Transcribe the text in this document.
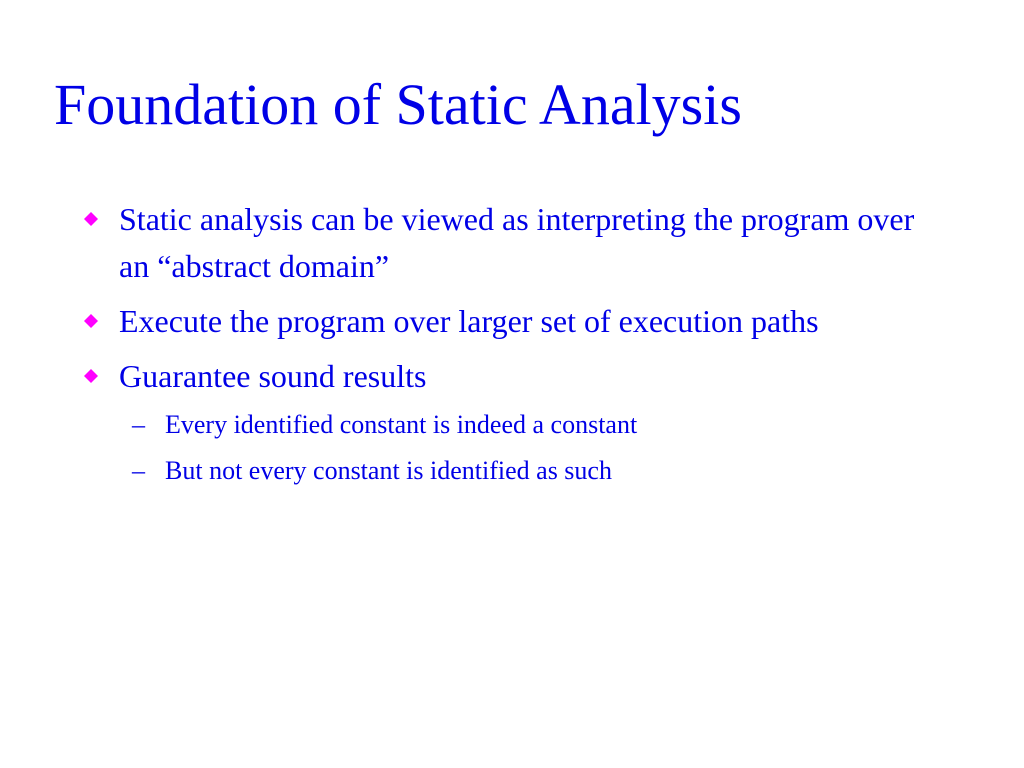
Foundation of Static Analysis
Static analysis can be viewed as interpreting the program over an “abstract domain”
Execute the program over larger set of execution paths
Guarantee sound results
– Every identified constant is indeed a constant
– But not every constant is identified as such
